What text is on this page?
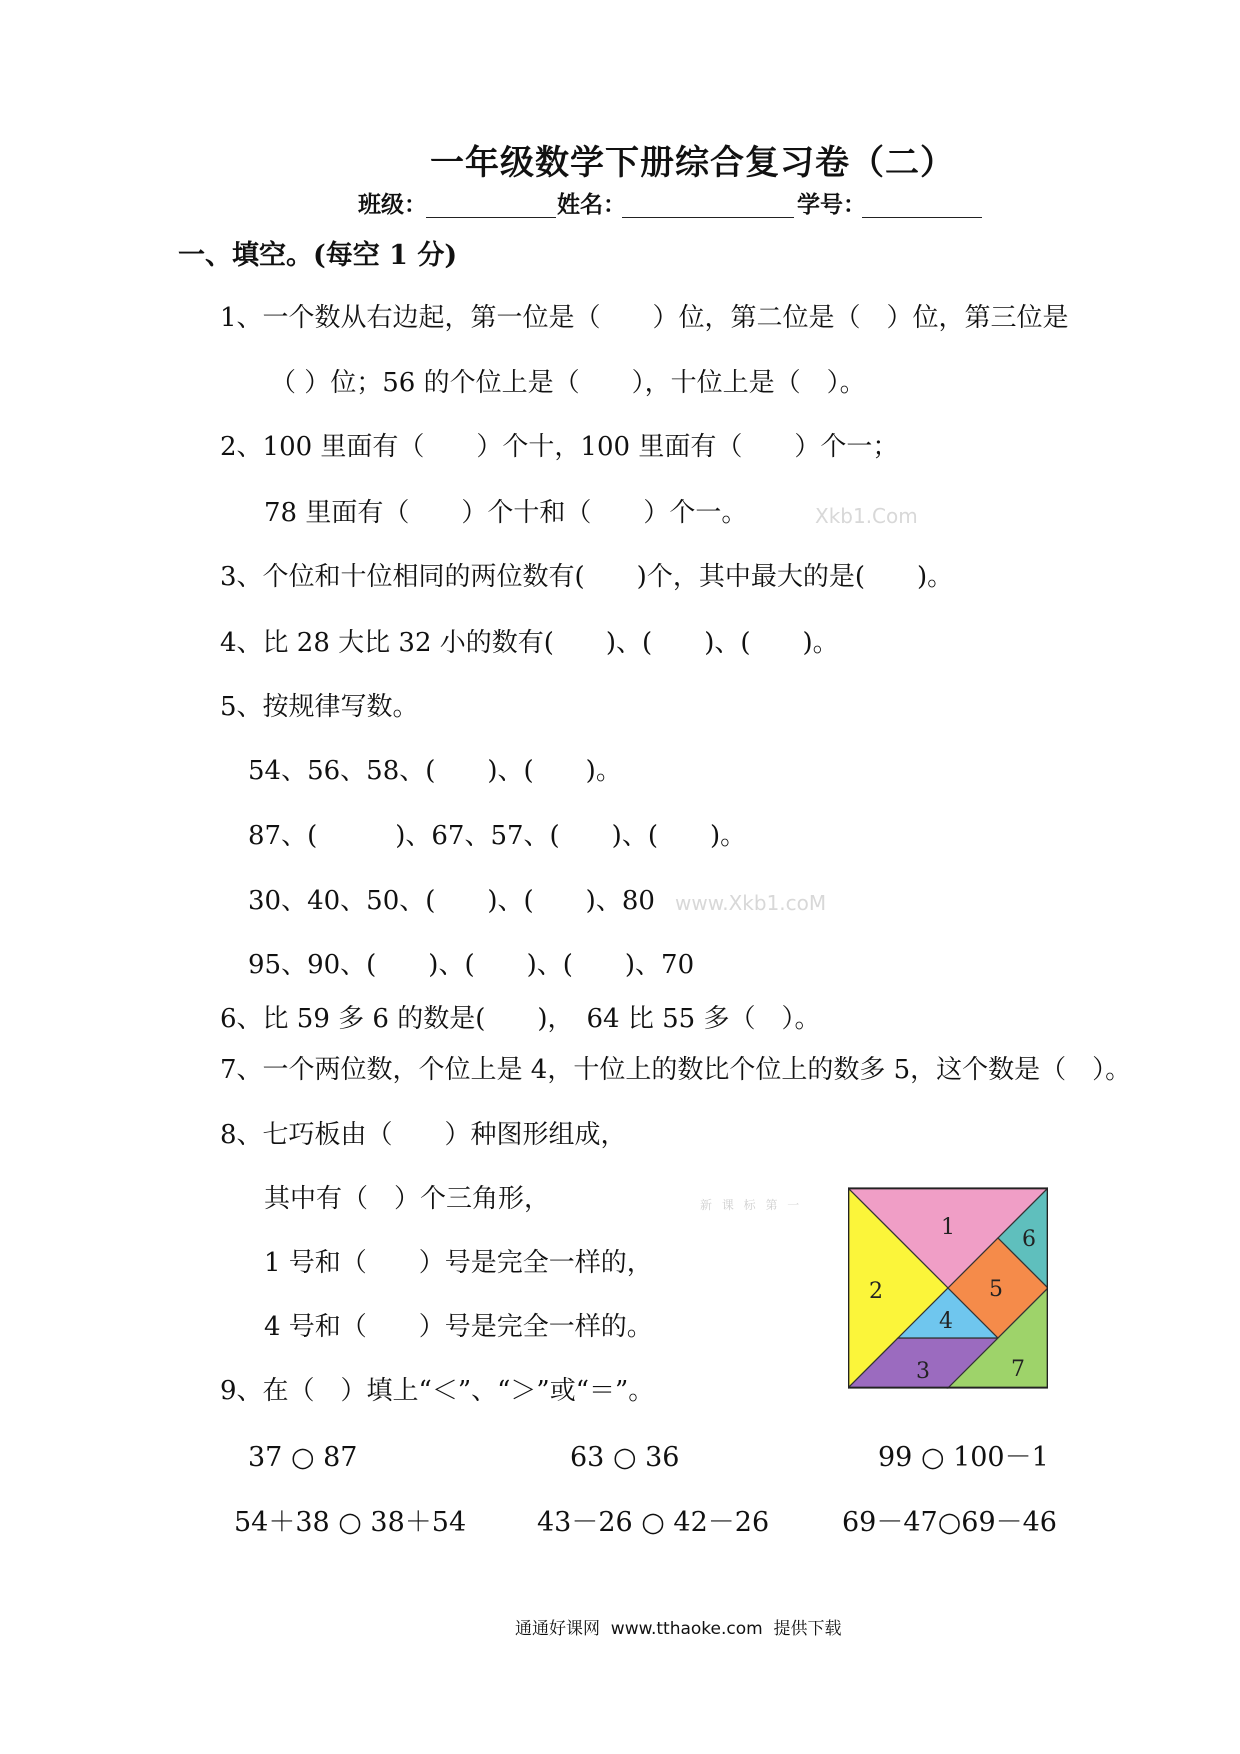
一年级数学下册综合复习卷（二）
班级：	姓名：	学号：
一、填空。(每空 1 分)
1、一个数从右边起，第一位是（　　）位，第二位是（　）位，第三位是
（ ）位；56 的个位上是（　　），十位上是（　）。
2、100 里面有（　　）个十，100 里面有（　　）个一；
78 里面有（　　）个十和（　　）个一。	Xkb1.Com
3、个位和十位相同的两位数有(　　)个，其中最大的是(　　)。
4、比 28 大比 32 小的数有(　　)、(　　)、(　　)。
5、按规律写数。
54、56、58、(　　)、(　　)。
87、(　　　)、67、57、(　　)、(　　)。
30、40、50、(　　)、(　　)、80 www.Xkb1.coM
95、90、(　　)、(　　)、(　　)、70
6、比 59 多 6 的数是(　　)，　64 比 55 多（　）。
7、一个两位数，个位上是 4，十位上的数比个位上的数多 5，这个数是（　）。
8、七巧板由（　　）种图形组成，
其中有（　）个三角形，	新 课 标 第 一
1 号和（　　）号是完全一样的，
4 号和（　　）号是完全一样的。
9、在（　）填上“＜”、“＞”或“＝”。
37 ○ 87	63 ○ 36	99 ○ 100－1
54＋38 ○ 38＋54	43－26 ○ 42－26	69－47○69－46
1
2
3
4
5
6
7
通通好课网  www.tthaoke.com  提供下载
